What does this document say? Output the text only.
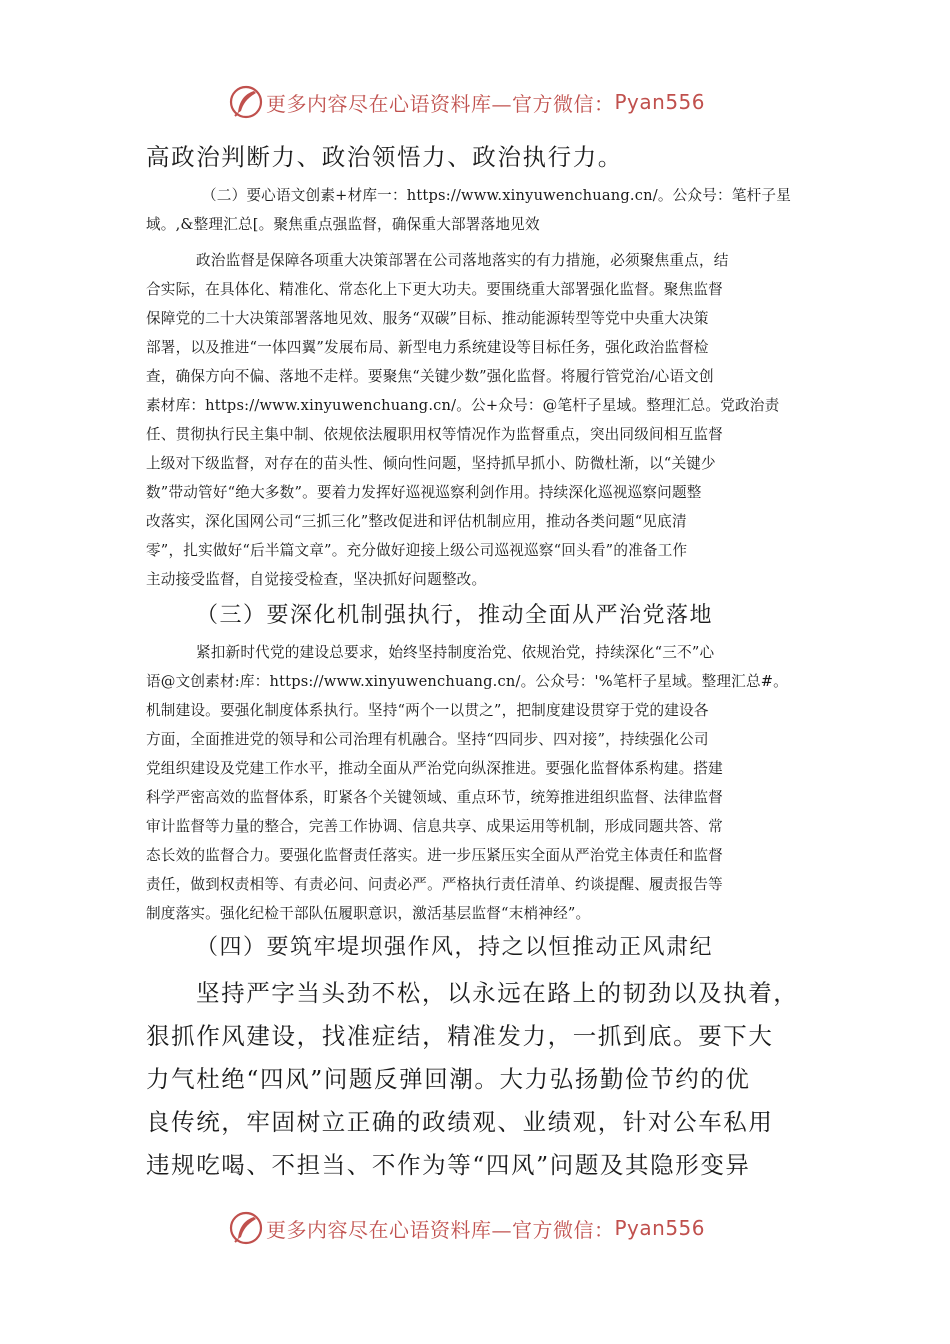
更多内容尽在心语资料库—官方微信： Pyan556
高政治判断力、政治领悟力、政治执行力。
（二）要心语文创素+材库一：https://www.xinyuwenchuang.cn/。公众号：笔杆子星
域。,&整理汇总[。聚焦重点强监督，确保重大部署落地见效
政治监督是保障各项重大决策部署在公司落地落实的有力措施，必须聚焦重点，结
合实际，在具体化、精准化、常态化上下更大功夫。要围绕重大部署强化监督。聚焦监督
保障党的二十大决策部署落地见效、服务“双碳”目标、推动能源转型等党中央重大决策
部署，以及推进“一体四翼”发展布局、新型电力系统建设等目标任务，强化政治监督检
查，确保方向不偏、落地不走样。要聚焦“关键少数”强化监督。将履行管党治/心语文创
素材库：https://www.xinyuwenchuang.cn/。公+众号：@笔杆子星域。整理汇总。党政治责
任、贯彻执行民主集中制、依规依法履职用权等情况作为监督重点，突出同级间相互监督
上级对下级监督，对存在的苗头性、倾向性问题，坚持抓早抓小、防微杜渐，以“关键少
数”带动管好“绝大多数”。要着力发挥好巡视巡察利剑作用。持续深化巡视巡察问题整
改落实，深化国网公司“三抓三化”整改促进和评估机制应用，推动各类问题“见底清
零”，扎实做好“后半篇文章”。充分做好迎接上级公司巡视巡察“回头看”的准备工作
主动接受监督，自觉接受检查，坚决抓好问题整改。
（三）要深化机制强执行，推动全面从严治党落地
紧扣新时代党的建设总要求，始终坚持制度治党、依规治党，持续深化“三不”心
语@文创素材:库：https://www.xinyuwenchuang.cn/。公众号：'%笔杆子星域。整理汇总#。
机制建设。要强化制度体系执行。坚持“两个一以贯之”，把制度建设贯穿于党的建设各
方面，全面推进党的领导和公司治理有机融合。坚持“四同步、四对接”，持续强化公司
党组织建设及党建工作水平，推动全面从严治党向纵深推进。要强化监督体系构建。搭建
科学严密高效的监督体系，盯紧各个关键领域、重点环节，统筹推进组织监督、法律监督
审计监督等力量的整合，完善工作协调、信息共享、成果运用等机制，形成同题共答、常
态长效的监督合力。要强化监督责任落实。进一步压紧压实全面从严治党主体责任和监督
责任，做到权责相等、有责必问、问责必严。严格执行责任清单、约谈提醒、履责报告等
制度落实。强化纪检干部队伍履职意识，激活基层监督“末梢神经”。
（四）要筑牢堤坝强作风，持之以恒推动正风肃纪
坚持严字当头劲不松，以永远在路上的韧劲以及执着，
狠抓作风建设，找准症结，精准发力，一抓到底。要下大
力气杜绝“四风”问题反弹回潮。大力弘扬勤俭节约的优
良传统，牢固树立正确的政绩观、业绩观，针对公车私用
违规吃喝、不担当、不作为等“四风”问题及其隐形变异
更多内容尽在心语资料库—官方微信： Pyan556
